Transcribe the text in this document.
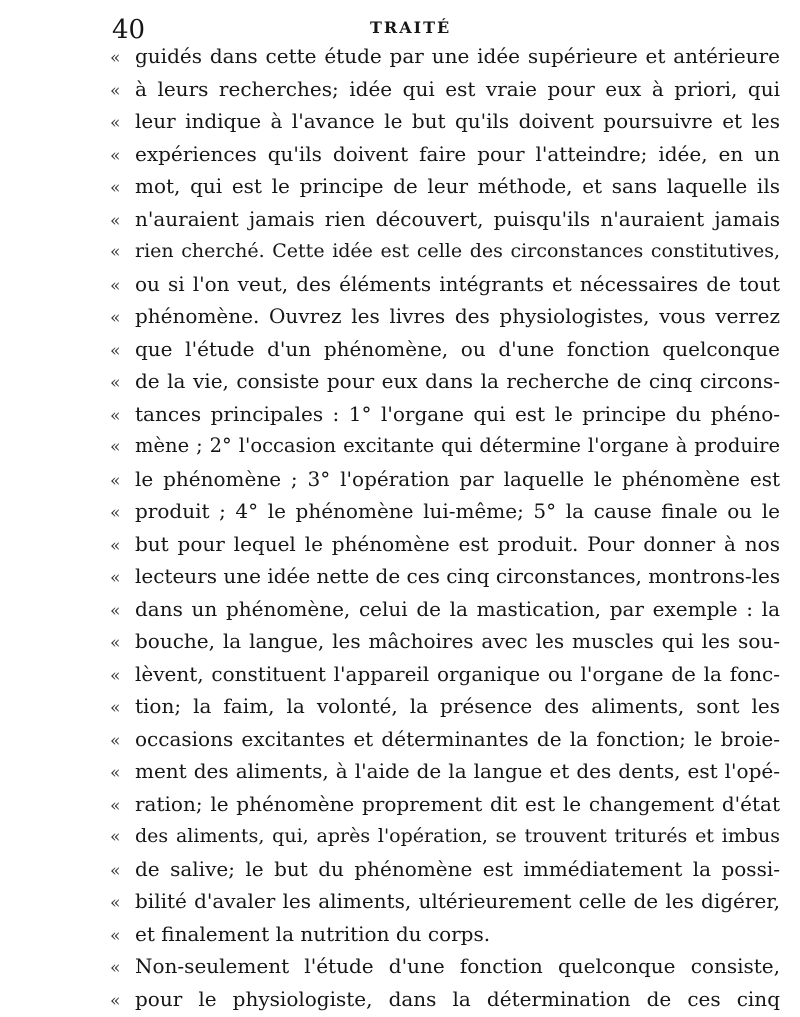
40	TRAITÉ
« guidés dans cette étude par une idée supérieure et antérieure
« à leurs recherches; idée qui est vraie pour eux à priori, qui
« leur indique à l'avance le but qu'ils doivent poursuivre et les
« expériences qu'ils doivent faire pour l'atteindre; idée, en un
« mot, qui est le principe de leur méthode, et sans laquelle ils
« n'auraient jamais rien découvert, puisqu'ils n'auraient jamais
« rien cherché. Cette idée est celle des circonstances constitutives,
« ou si l'on veut, des éléments intégrants et nécessaires de tout
« phénomène. Ouvrez les livres des physiologistes, vous verrez
« que l'étude d'un phénomène, ou d'une fonction quelconque
« de la vie, consiste pour eux dans la recherche de cinq circons-
« tances principales : 1° l'organe qui est le principe du phéno-
« mène ; 2° l'occasion excitante qui détermine l'organe à produire
« le phénomène ; 3° l'opération par laquelle le phénomène est
« produit ; 4° le phénomène lui-même; 5° la cause finale ou le
« but pour lequel le phénomène est produit. Pour donner à nos
« lecteurs une idée nette de ces cinq circonstances, montrons-les
« dans un phénomène, celui de la mastication, par exemple : la
« bouche, la langue, les mâchoires avec les muscles qui les sou-
« lèvent, constituent l'appareil organique ou l'organe de la fonc-
« tion; la faim, la volonté, la présence des aliments, sont les
« occasions excitantes et déterminantes de la fonction; le broie-
« ment des aliments, à l'aide de la langue et des dents, est l'opé-
« ration; le phénomène proprement dit est le changement d'état
« des aliments, qui, après l'opération, se trouvent triturés et imbus
« de salive; le but du phénomène est immédiatement la possi-
« bilité d'avaler les aliments, ultérieurement celle de les digérer,
« et finalement la nutrition du corps.
« Non-seulement l'étude d'une fonction quelconque consiste,
« pour le physiologiste, dans la détermination de ces cinq
